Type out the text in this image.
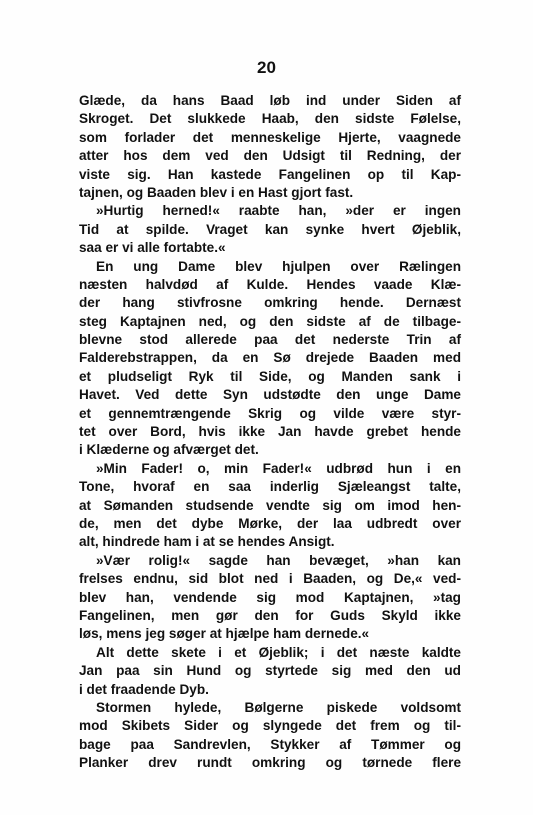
20
Glæde, da hans Baad løb ind under Siden af
Skroget. Det slukkede Haab, den sidste Følelse,
som forlader det menneskelige Hjerte, vaagnede
atter hos dem ved den Udsigt til Redning, der
viste sig. Han kastede Fangelinen op til Kap-
tajnen, og Baaden blev i en Hast gjort fast.
»Hurtig herned!« raabte han, »der er ingen
Tid at spilde. Vraget kan synke hvert Øjeblik,
saa er vi alle fortabte.«
En ung Dame blev hjulpen over Rælingen
næsten halvdød af Kulde. Hendes vaade Klæ-
der hang stivfrosne omkring hende. Dernæst
steg Kaptajnen ned, og den sidste af de tilbage-
blevne stod allerede paa det nederste Trin af
Falderebstrappen, da en Sø drejede Baaden med
et pludseligt Ryk til Side, og Manden sank i
Havet. Ved dette Syn udstødte den unge Dame
et gennemtrængende Skrig og vilde være styr-
tet over Bord, hvis ikke Jan havde grebet hende
i Klæderne og afværget det.
»Min Fader! o, min Fader!« udbrød hun i en
Tone, hvoraf en saa inderlig Sjæleangst talte,
at Sømanden studsende vendte sig om imod hen-
de, men det dybe Mørke, der laa udbredt over
alt, hindrede ham i at se hendes Ansigt.
»Vær rolig!« sagde han bevæget, »han kan
frelses endnu, sid blot ned i Baaden, og De,« ved-
blev han, vendende sig mod Kaptajnen, »tag
Fangelinen, men gør den for Guds Skyld ikke
løs, mens jeg søger at hjælpe ham dernede.«
Alt dette skete i et Øjeblik; i det næste kaldte
Jan paa sin Hund og styrtede sig med den ud
i det fraadende Dyb.
Stormen hylede, Bølgerne piskede voldsomt
mod Skibets Sider og slyngede det frem og til-
bage paa Sandrevlen, Stykker af Tømmer og
Planker drev rundt omkring og tørnede flere
